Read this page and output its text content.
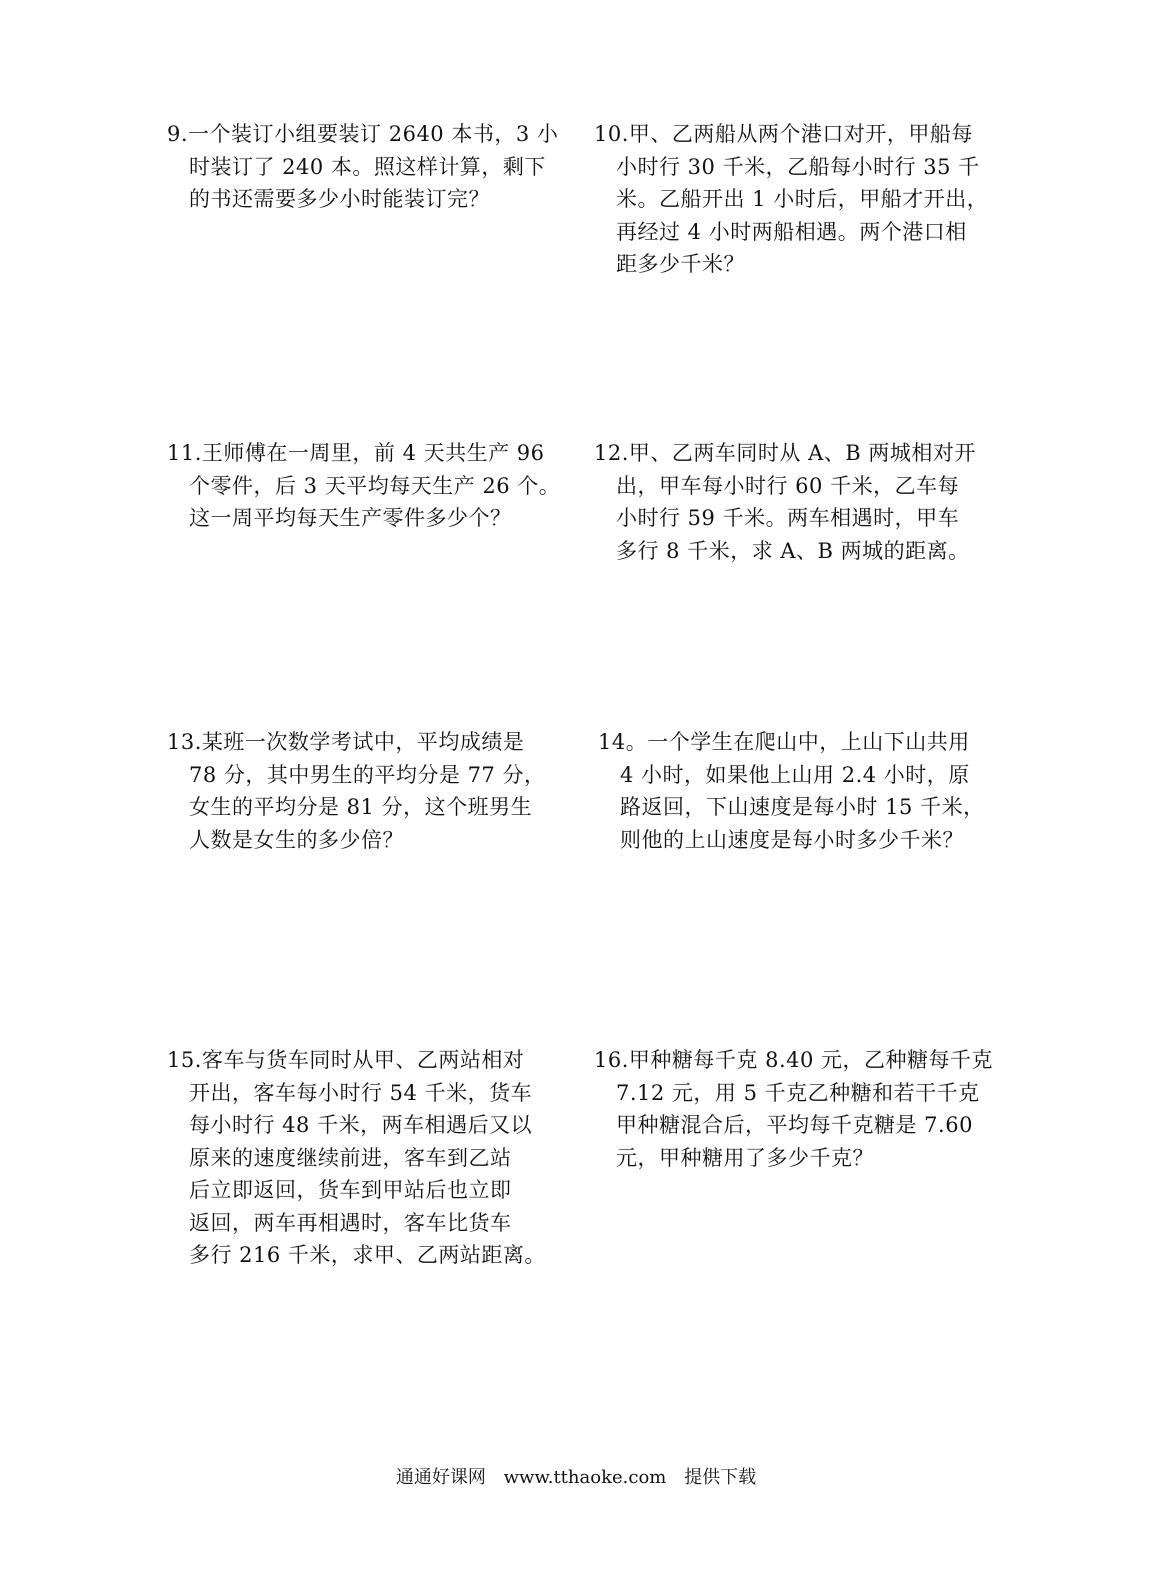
9.一个装订小组要装订 2640 本书，3 小
时装订了 240 本。照这样计算，剩下
的书还需要多少小时能装订完？
10.甲、乙两船从两个港口对开，甲船每
小时行 30 千米，乙船每小时行 35 千
米。乙船开出 1 小时后，甲船才开出，
再经过 4 小时两船相遇。两个港口相
距多少千米？
11.王师傅在一周里，前 4 天共生产 96
个零件，后 3 天平均每天生产 26 个。
这一周平均每天生产零件多少个？
12.甲、乙两车同时从 A、B 两城相对开
出，甲车每小时行 60 千米，乙车每
小时行 59 千米。两车相遇时，甲车
多行 8 千米，求 A、B 两城的距离。
13.某班一次数学考试中，平均成绩是
78 分，其中男生的平均分是 77 分，
女生的平均分是 81 分，这个班男生
人数是女生的多少倍？
14。一个学生在爬山中，上山下山共用
4 小时，如果他上山用 2.4 小时，原
路返回，下山速度是每小时 15 千米，
则他的上山速度是每小时多少千米？
15.客车与货车同时从甲、乙两站相对
开出，客车每小时行 54 千米，货车
每小时行 48 千米，两车相遇后又以
原来的速度继续前进，客车到乙站
后立即返回，货车到甲站后也立即
返回，两车再相遇时，客车比货车
多行 216 千米，求甲、乙两站距离。
16.甲种糖每千克 8.40 元，乙种糖每千克
7.12 元，用 5 千克乙种糖和若干千克
甲种糖混合后，平均每千克糖是 7.60
元，甲种糖用了多少千克？
通通好课网 www.tthaoke.com 提供下载
